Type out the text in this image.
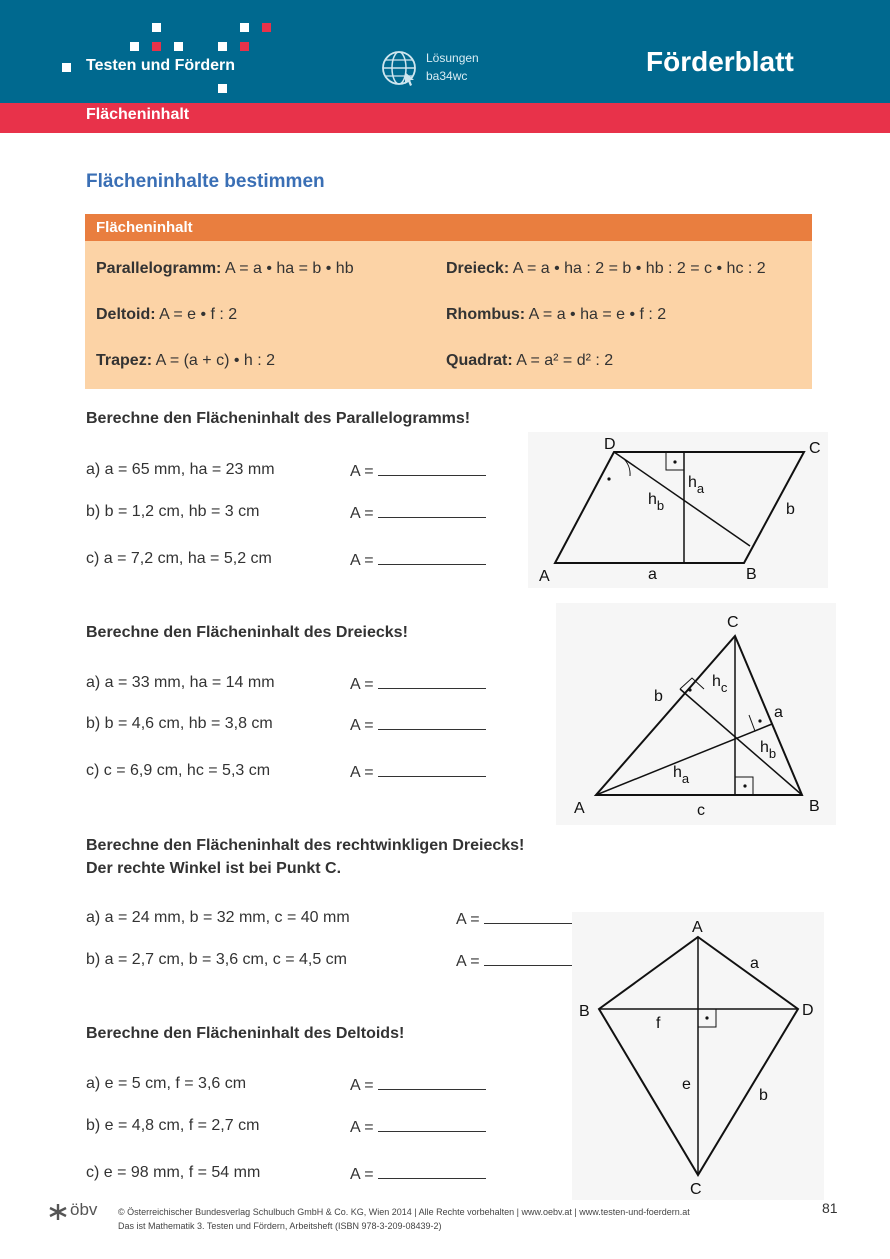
Testen und Fördern	Lösungen
ba34wc	Förderblatt
Flächeninhalt
Flächeninhalte bestimmen
Flächeninhalt
Parallelogramm: A = a • ha = b • hb	Dreieck: A = a • ha : 2 = b • hb : 2 = c • hc : 2
Deltoid: A = e • f : 2	Rhombus: A = a • ha = e • f : 2
Trapez: A = (a + c) • h : 2	Quadrat: A = a² = d² : 2
Berechne den Flächeninhalt des Parallelogramms!
a) a = 65 mm, ha = 23 mm	A =
b) b = 1,2 cm, hb = 3 cm	A =
c) a = 7,2 cm, ha = 5,2 cm	A =
D	C
A	B
a
b
$h_a$
$h_b$
Berechne den Flächeninhalt des Dreiecks!
a) a = 33 mm, ha = 14 mm	A =
b) b = 4,6 cm, hb = 3,8 cm	A =
c) c = 6,9 cm, hc = 5,3 cm	A =
C
A	B
c
b
a
$h_c$
$h_b$
$h_a$
Berechne den Flächeninhalt des rechtwinkligen Dreiecks!
Der rechte Winkel ist bei Punkt C.
a) a = 24 mm, b = 32 mm, c = 40 mm	A =
b) a = 2,7 cm, b = 3,6 cm, c = 4,5 cm	A =
Berechne den Flächeninhalt des Deltoids!
a) e = 5 cm, f = 3,6 cm	A =
b) e = 4,8 cm, f = 2,7 cm	A =
c) e = 98 mm, f = 54 mm	A =
A
B	D
C
a
b
f
e
öbv © Österreichischer Bundesverlag Schulbuch GmbH & Co. KG, Wien 2014 | Alle Rechte vorbehalten | www.oebv.at | www.testen-und-foerdern.at
Das ist Mathematik 3. Testen und Fördern, Arbeitsheft (ISBN 978-3-209-08439-2)
81
